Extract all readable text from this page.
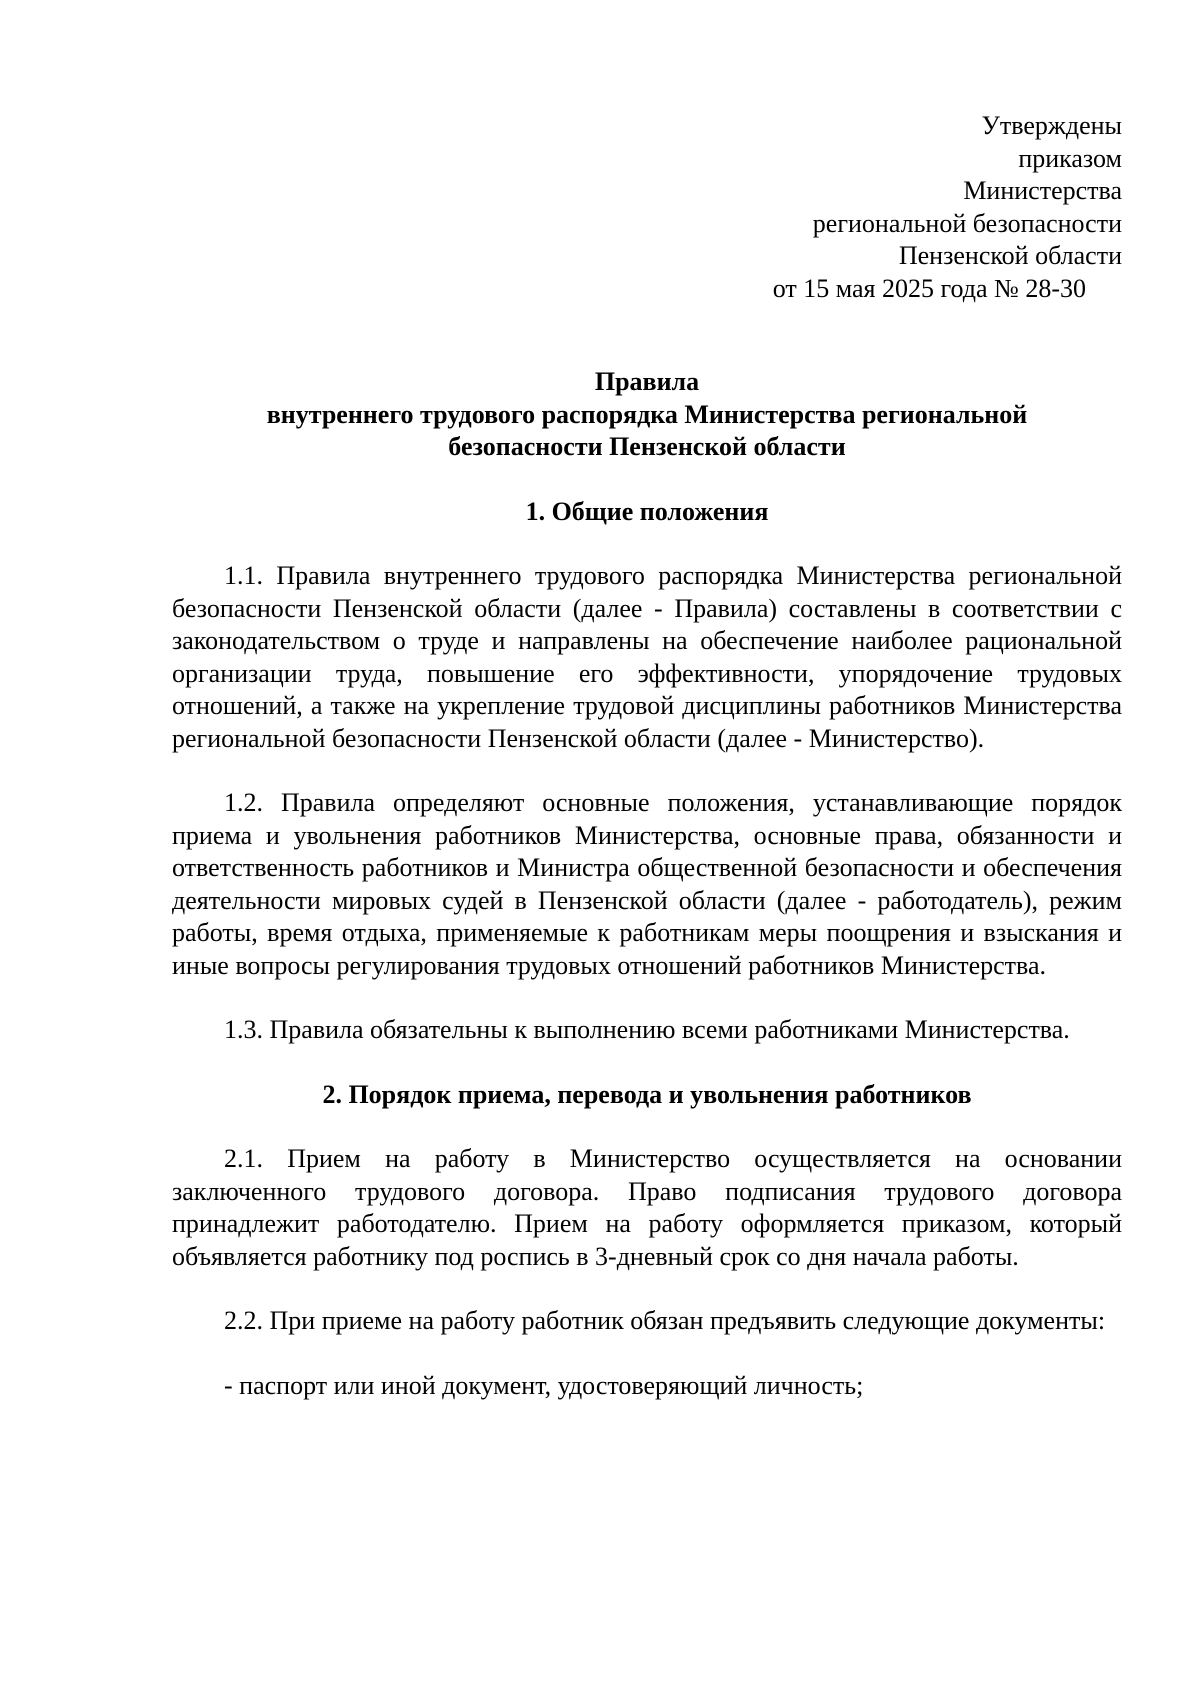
Утверждены
приказом
Министерства
региональной безопасности
Пензенской области
от 15 мая 2025 года № 28-30
Правила
внутреннего трудового распорядка Министерства региональной
безопасности Пензенской области
1. Общие положения

1.1. Правила внутреннего трудового распорядка Министерства региональной безопасности Пензенской области (далее - Правила) составлены в соответствии с законодательством о труде и направлены на обеспечение наиболее рациональной организации труда, повышение его эффективности, упорядочение трудовых отношений, а также на укрепление трудовой дисциплины работников Министерства региональной безопасности Пензенской области (далее - Министерство).

1.2. Правила определяют основные положения, устанавливающие порядок приема и увольнения работников Министерства, основные права, обязанности и ответственность работников и Министра общественной безопасности и обеспечения деятельности мировых судей в Пензенской области (далее - работодатель), режим работы, время отдыха, применяемые к работникам меры поощрения и взыскания и иные вопросы регулирования трудовых отношений работников Министерства.

1.3. Правила обязательны к выполнению всеми работниками Министерства.

2. Порядок приема, перевода и увольнения работников

2.1. Прием на работу в Министерство осуществляется на основании заключенного трудового договора. Право подписания трудового договора принадлежит работодателю. Прием на работу оформляется приказом, который объявляется работнику под роспись в 3-дневный срок со дня начала работы.

2.2. При приеме на работу работник обязан предъявить следующие документы:

- паспорт или иной документ, удостоверяющий личность;
